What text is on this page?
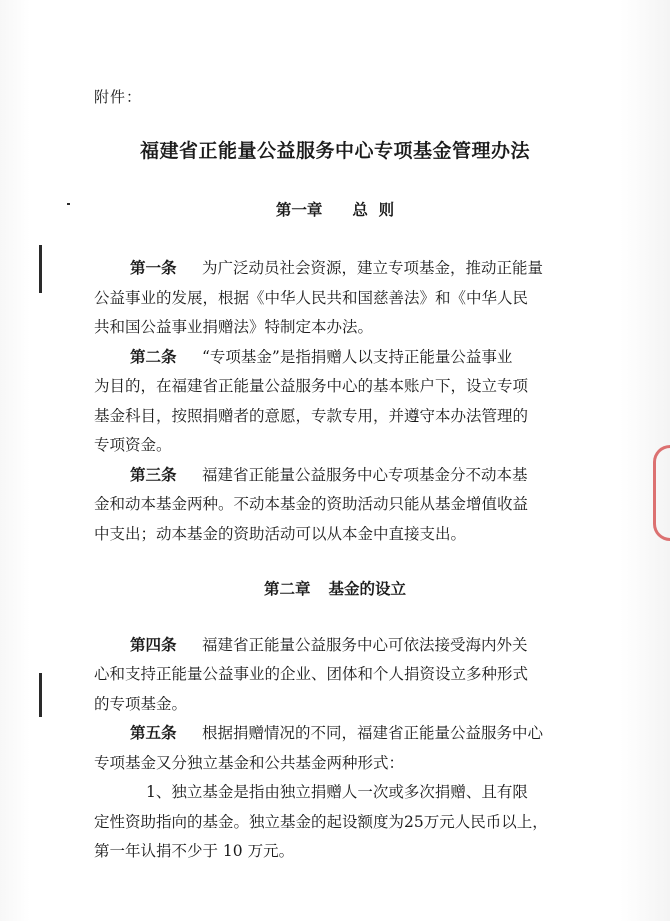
附件：
福建省正能量公益服务中心专项基金管理办法
第一章 总  则
第一条 为广泛动员社会资源，建立专项基金，推动正能量
公益事业的发展，根据《中华人民共和国慈善法》和《中华人民
共和国公益事业捐赠法》特制定本办法。
第二条 “专项基金”是指捐赠人以支持正能量公益事业
为目的，在福建省正能量公益服务中心的基本账户下，设立专项
基金科目，按照捐赠者的意愿，专款专用，并遵守本办法管理的
专项资金。
第三条 福建省正能量公益服务中心专项基金分不动本基
金和动本基金两种。不动本基金的资助活动只能从基金增值收益
中支出；动本基金的资助活动可以从本金中直接支出。
第二章 基金的设立
第四条 福建省正能量公益服务中心可依法接受海内外关
心和支持正能量公益事业的企业、团体和个人捐资设立多种形式
的专项基金。
第五条 根据捐赠情况的不同，福建省正能量公益服务中心
专项基金又分独立基金和公共基金两种形式：
1、独立基金是指由独立捐赠人一次或多次捐赠、且有限
定性资助指向的基金。独立基金的起设额度为25万元人民币以上，
第一年认捐不少于 10 万元。
